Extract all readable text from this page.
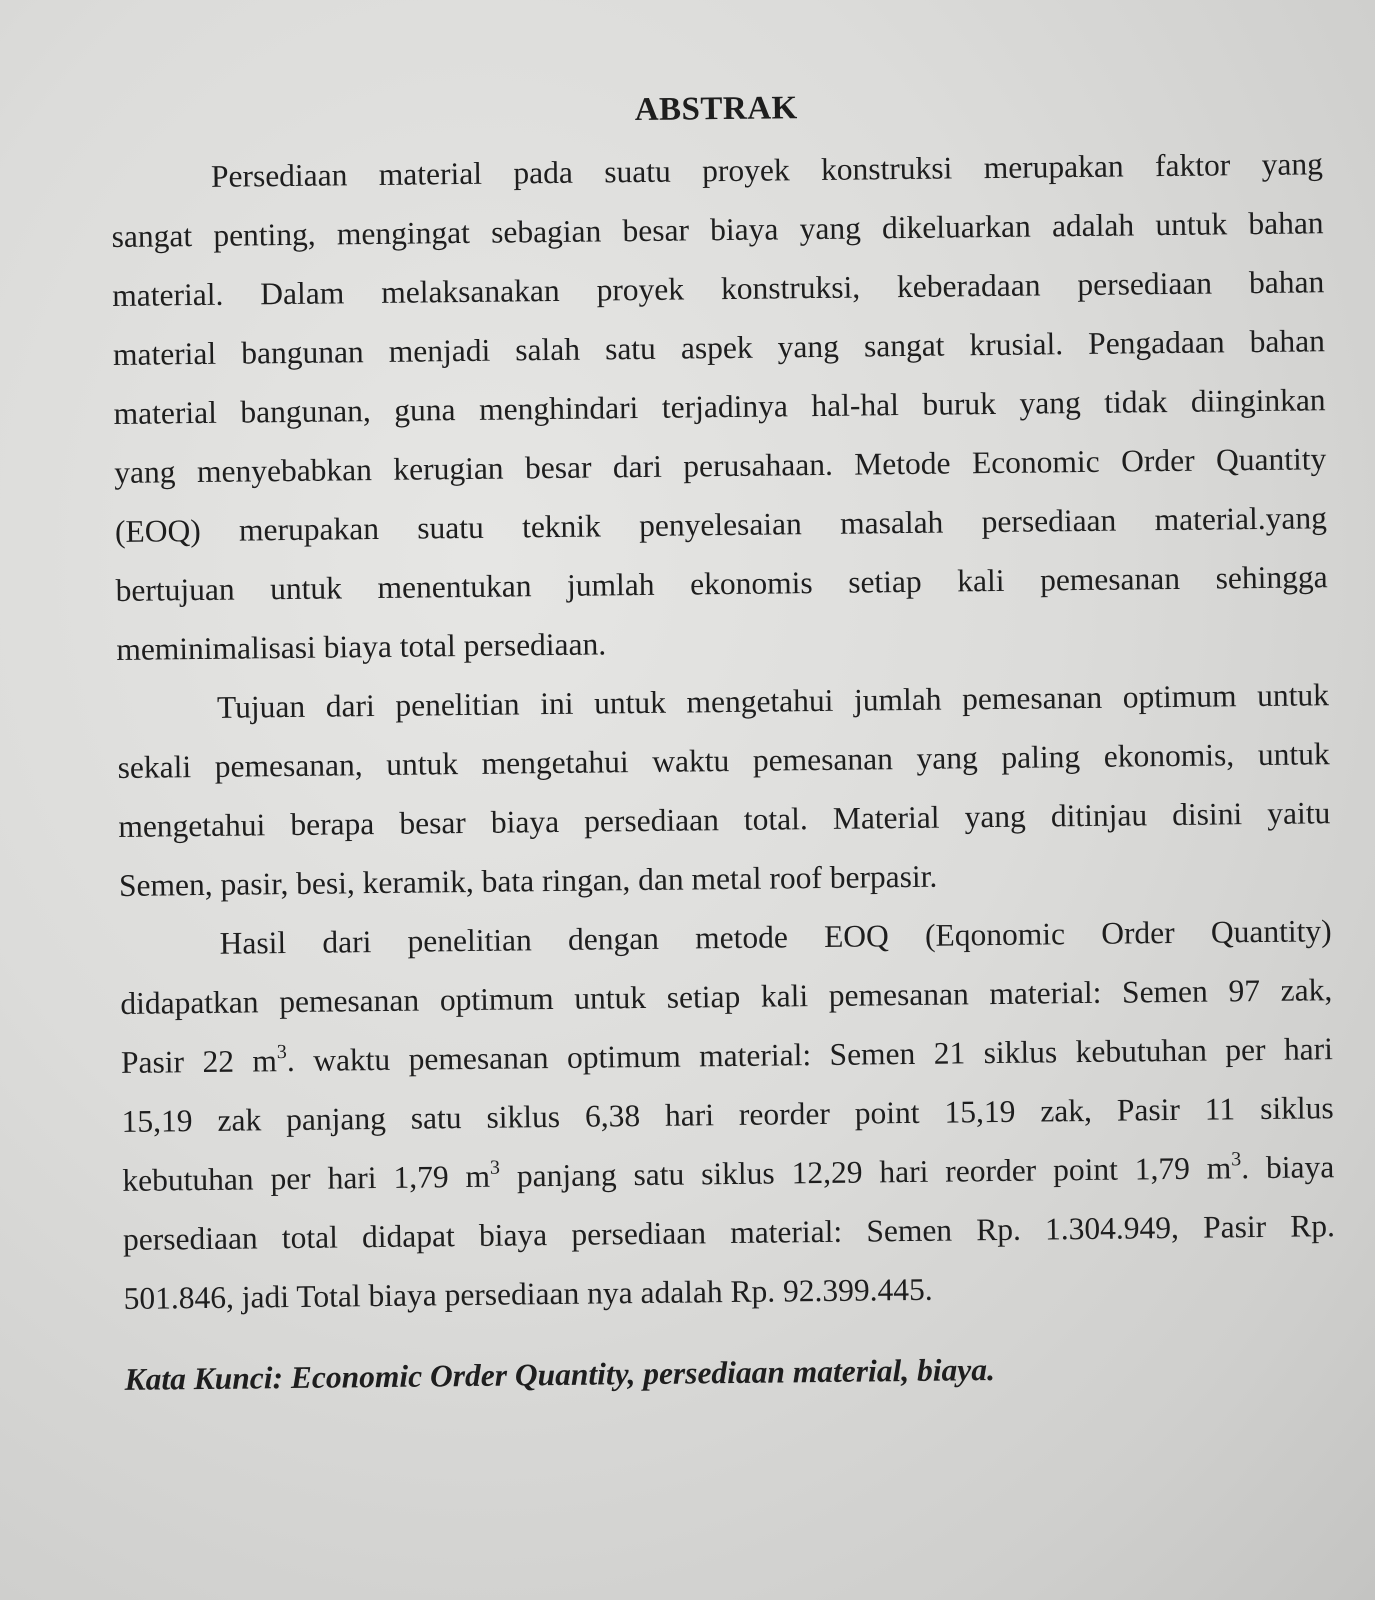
ABSTRAK
Persediaan material pada suatu proyek konstruksi merupakan faktor yang
sangat penting, mengingat sebagian besar biaya yang dikeluarkan adalah untuk bahan
material. Dalam melaksanakan proyek konstruksi, keberadaan persediaan bahan
material bangunan menjadi salah satu aspek yang sangat krusial. Pengadaan bahan
material bangunan, guna menghindari terjadinya hal-hal buruk yang tidak diinginkan
yang menyebabkan kerugian besar dari perusahaan. Metode Economic Order Quantity
(EOQ) merupakan suatu teknik penyelesaian masalah persediaan material.yang
bertujuan untuk menentukan jumlah ekonomis setiap kali pemesanan sehingga
meminimalisasi biaya total persediaan.
Tujuan dari penelitian ini untuk mengetahui jumlah pemesanan optimum untuk
sekali pemesanan, untuk mengetahui waktu pemesanan yang paling ekonomis, untuk
mengetahui berapa besar biaya persediaan total. Material yang ditinjau disini yaitu
Semen, pasir, besi, keramik, bata ringan, dan metal roof berpasir.
Hasil dari penelitian dengan metode EOQ (Eqonomic Order Quantity)
didapatkan pemesanan optimum untuk setiap kali pemesanan material: Semen 97 zak,
Pasir 22 $m^3$. waktu pemesanan optimum material: Semen 21 siklus kebutuhan per hari
15,19 zak panjang satu siklus 6,38 hari reorder point 15,19 zak, Pasir 11 siklus
kebutuhan per hari 1,79 $m^3$ panjang satu siklus 12,29 hari reorder point 1,79 $m^3$. biaya
persediaan total didapat biaya persediaan material: Semen Rp. 1.304.949, Pasir Rp.
501.846, jadi Total biaya persediaan nya adalah Rp. 92.399.445.
Kata Kunci: Economic Order Quantity, persediaan material, biaya.
